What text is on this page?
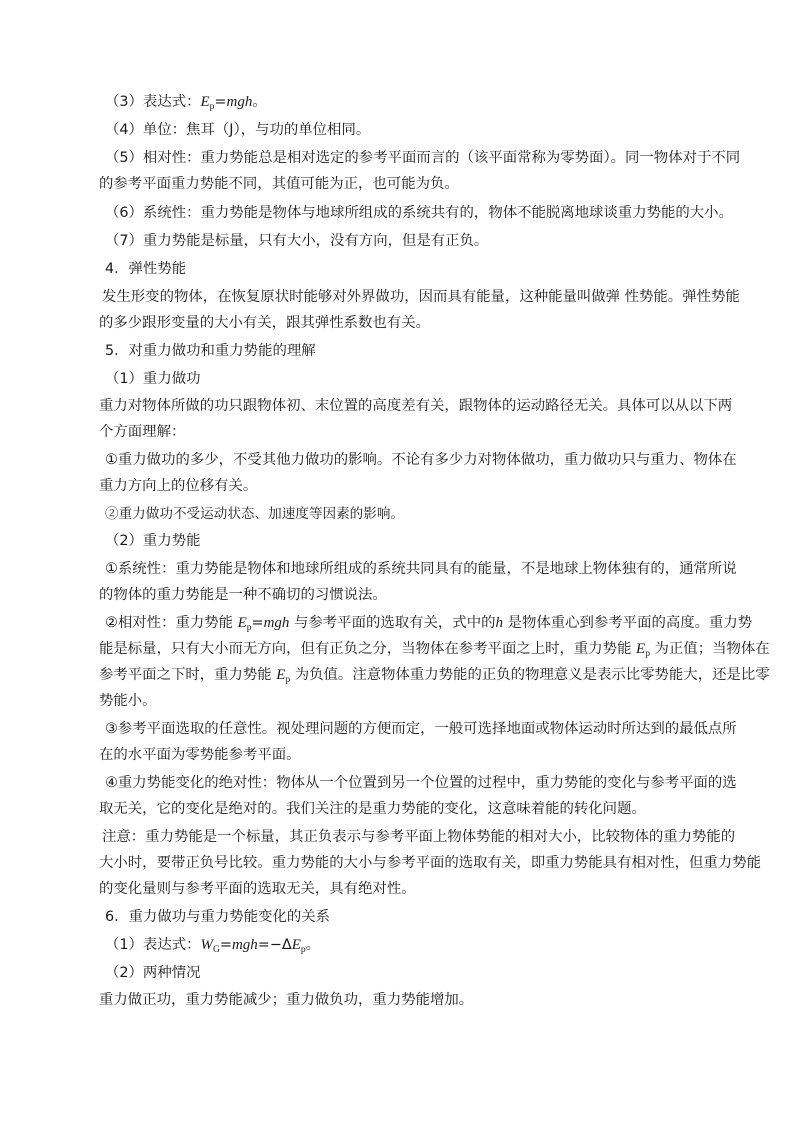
（3）表达式：$E_p=mgh$。
（4）单位：焦耳（J），与功的单位相同。
（5）相对性：重力势能总是相对选定的参考平面而言的（该平面常称为零势面）。同一物体对于不同
的参考平面重力势能不同，其值可能为正，也可能为负。
（6）系统性：重力势能是物体与地球所组成的系统共有的，物体不能脱离地球谈重力势能的大小。
（7）重力势能是标量，只有大小，没有方向，但是有正负。
4．弹性势能
发生形变的物体，在恢复原状时能够对外界做功，因而具有能量，这种能量叫做弹 性势能。弹性势能
的多少跟形变量的大小有关，跟其弹性系数也有关。
5．对重力做功和重力势能的理解
（1）重力做功
重力对物体所做的功只跟物体初、末位置的高度差有关，跟物体的运动路径无关。具体可以从以下两
个方面理解：
①重力做功的多少，不受其他力做功的影响。不论有多少力对物体做功，重力做功只与重力、物体在
重力方向上的位移有关。
②重力做功不受运动状态、加速度等因素的影响。
（2）重力势能
①系统性：重力势能是物体和地球所组成的系统共同具有的能量，不是地球上物体独有的，通常所说
的物体的重力势能是一种不确切的习惯说法。
②相对性：重力势能 $E_p=mgh$ 与参考平面的选取有关，式中的h 是物体重心到参考平面的高度。重力势
能是标量，只有大小而无方向，但有正负之分，当物体在参考平面之上时，重力势能 $E_p$ 为正值；当物体在
参考平面之下时，重力势能 $E_p$ 为负值。注意物体重力势能的正负的物理意义是表示比零势能大，还是比零
势能小。
③参考平面选取的任意性。视处理问题的方便而定，一般可选择地面或物体运动时所达到的最低点所
在的水平面为零势能参考平面。
④重力势能变化的绝对性：物体从一个位置到另一个位置的过程中，重力势能的变化与参考平面的选
取无关，它的变化是绝对的。我们关注的是重力势能的变化，这意味着能的转化问题。
注意：重力势能是一个标量，其正负表示与参考平面上物体势能的相对大小，比较物体的重力势能的
大小时，要带正负号比较。重力势能的大小与参考平面的选取有关，即重力势能具有相对性，但重力势能
的变化量则与参考平面的选取无关，具有绝对性。
6．重力做功与重力势能变化的关系
（1）表达式：$W_G=mgh=-\Delta E_p$。
（2）两种情况
重力做正功，重力势能减少；重力做负功，重力势能增加。
